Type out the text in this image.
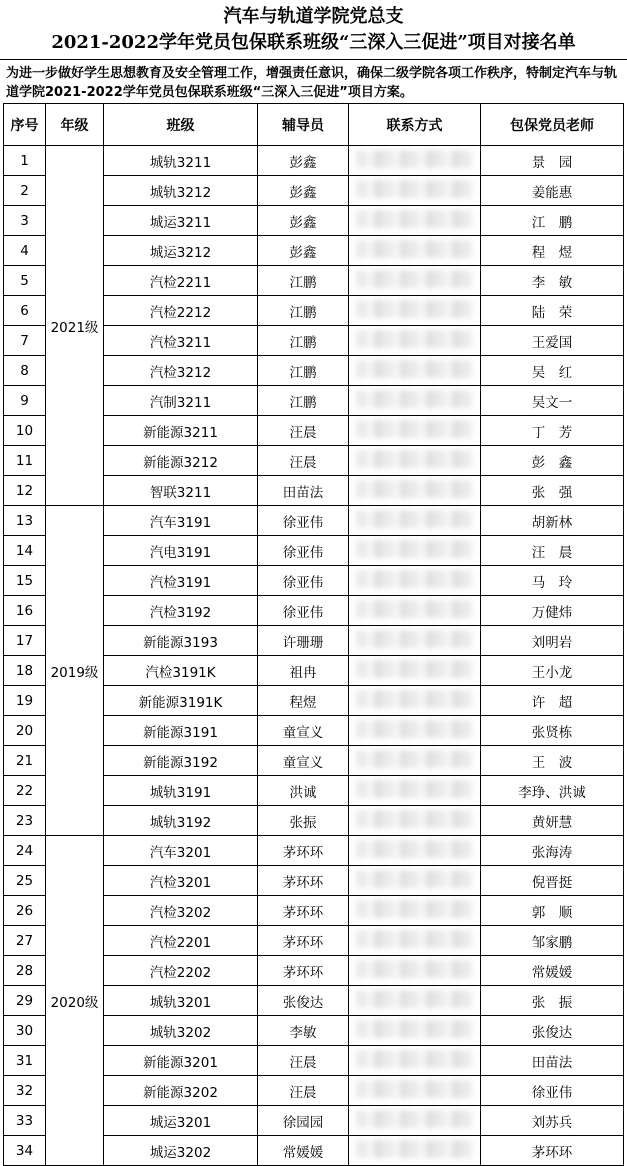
汽车与轨道学院党总支
2021-2022学年党员包保联系班级“三深入三促进”项目对接名单
为进一步做好学生思想教育及安全管理工作，增强责任意识，确保二级学院各项工作秩序，特制定汽车与轨道学院2021-2022学年党员包保联系班级“三深入三促进”项目方案。
序号	年级	班级	辅导员	联系方式	包保党员老师
1	2021级	城轨3211	彭鑫		景　园
2		城轨3212	彭鑫		姜能惠
3		城运3211	彭鑫		江　鹏
4		城运3212	彭鑫		程　煜
5		汽检2211	江鹏		李　敏
6		汽检2212	江鹏		陆　荣
7		汽检3211	江鹏		王爱国
8		汽检3212	江鹏		吴　红
9		汽制3211	江鹏		吴文一
10		新能源3211	汪晨		丁　芳
11		新能源3212	汪晨		彭　鑫
12		智联3211	田苗法		张　强
13	2019级	汽车3191	徐亚伟		胡新林
14		汽电3191	徐亚伟		汪　晨
15		汽检3191	徐亚伟		马　玲
16		汽检3192	徐亚伟		万健炜
17		新能源3193	许珊珊		刘明岩
18		汽检3191K	祖冉		王小龙
19		新能源3191K	程煜		许　超
20		新能源3191	童宣义		张贤栋
21		新能源3192	童宣义		王　波
22		城轨3191	洪诚		李琤、洪诚
23		城轨3192	张振		黄妍慧
24	2020级	汽车3201	茅环环		张海涛
25		汽检3201	茅环环		倪晋挺
26		汽检3202	茅环环		郭　顺
27		汽检2201	茅环环		邹家鹏
28		汽检2202	茅环环		常媛媛
29		城轨3201	张俊达		张　振
30		城轨3202	李敏		张俊达
31		新能源3201	汪晨		田苗法
32		新能源3202	汪晨		徐亚伟
33		城运3201	徐园园		刘苏兵
34		城运3202	常媛媛		茅环环
